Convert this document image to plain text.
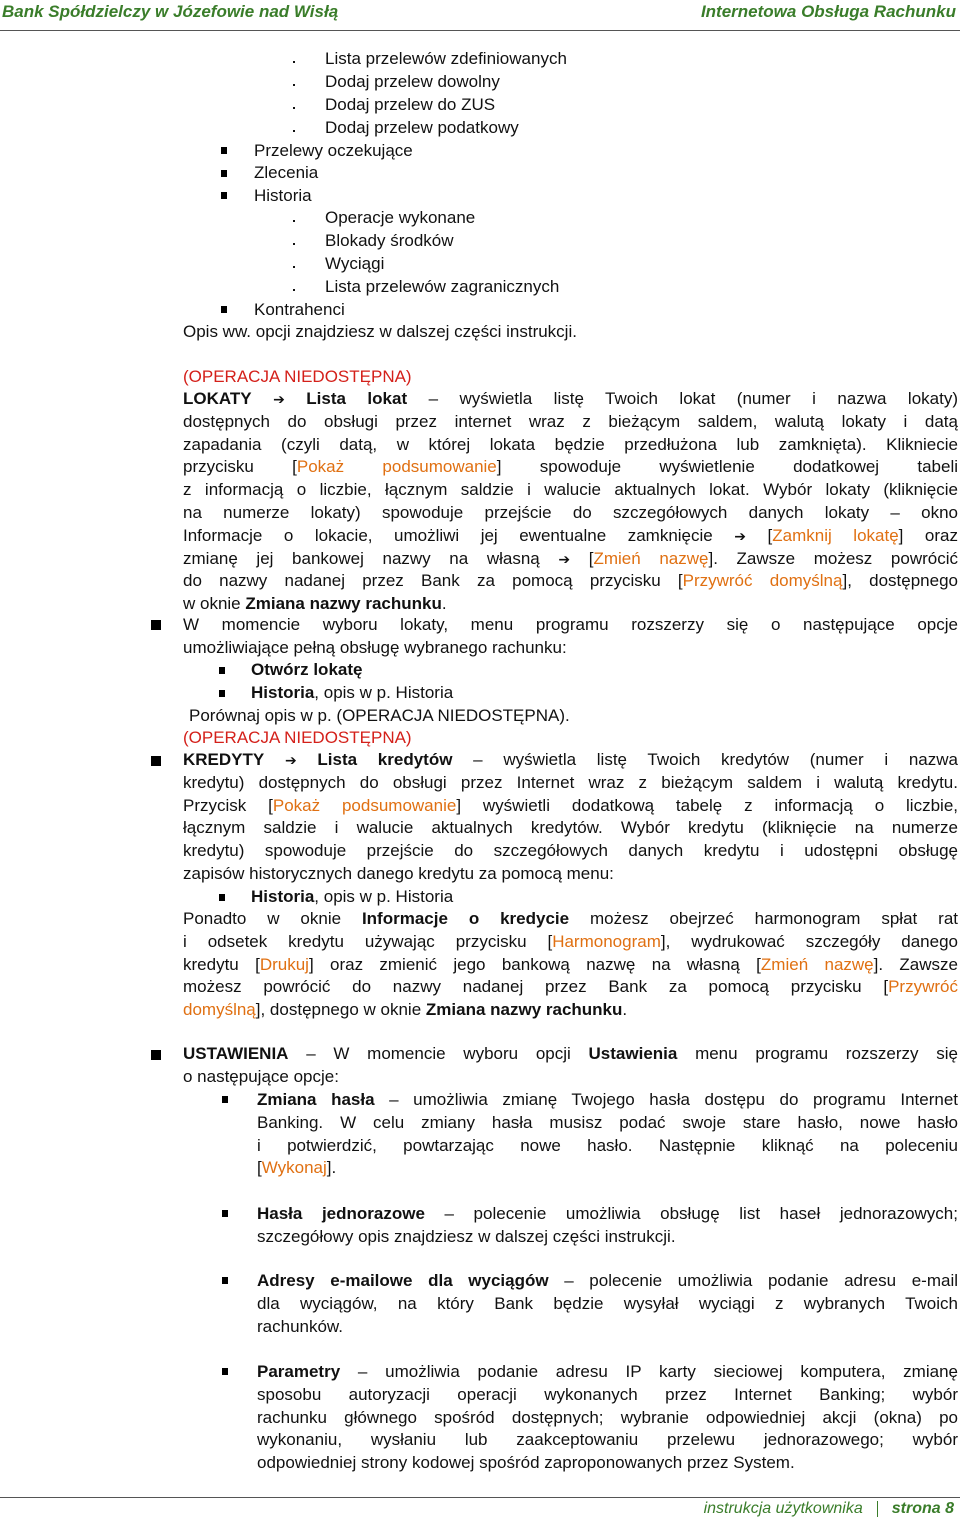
Bank Spółdzielczy w Józefowie nad Wisłą	Internetowa Obsługa Rachunku
Lista przelewów zdefiniowanych
Dodaj przelew dowolny
Dodaj przelew do ZUS
Dodaj przelew podatkowy
Przelewy oczekujące
Zlecenia
Historia
Operacje wykonane
Blokady środków
Wyciągi
Lista przelewów zagranicznych
Kontrahenci
Opis ww. opcji znajdziesz w dalszej części instrukcji.
(OPERACJA NIEDOSTĘPNA)
LOKATY ➔ Lista lokat – wyświetla listę Twoich lokat (numer i nazwa lokaty)
dostępnych do obsługi przez internet wraz z bieżącym saldem, walutą lokaty i datą
zapadania (czyli datą, w której lokata będzie przedłużona lub zamknięta). Klikniecie
przycisku [Pokaż podsumowanie] spowoduje wyświetlenie dodatkowej tabeli
z informacją o liczbie, łącznym saldzie i walucie aktualnych lokat. Wybór lokaty (kliknięcie
na numerze lokaty) spowoduje przejście do szczegółowych danych lokaty – okno
Informacje o lokacie, umożliwi jej ewentualne zamknięcie ➔ [Zamknij lokatę] oraz
zmianę jej bankowej nazwy na własną ➔ [Zmień nazwę]. Zawsze możesz powrócić
do nazwy nadanej przez Bank za pomocą przycisku [Przywróć domyślną], dostępnego
w oknie Zmiana nazwy rachunku.
W momencie wyboru lokaty, menu programu rozszerzy się o następujące opcje
umożliwiające pełną obsługę wybranego rachunku:
Otwórz lokatę
Historia, opis w p. Historia
Porównaj opis w p. (OPERACJA NIEDOSTĘPNA).
(OPERACJA NIEDOSTĘPNA)
KREDYTY ➔ Lista kredytów – wyświetla listę Twoich kredytów (numer i nazwa
kredytu) dostępnych do obsługi przez Internet wraz z bieżącym saldem i walutą kredytu.
Przycisk [Pokaż podsumowanie] wyświetli dodatkową tabelę z informacją o liczbie,
łącznym saldzie i walucie aktualnych kredytów. Wybór kredytu (kliknięcie na numerze
kredytu) spowoduje przejście do szczegółowych danych kredytu i udostępni obsługę
zapisów historycznych danego kredytu za pomocą menu:
Historia, opis w p. Historia
Ponadto w oknie Informacje o kredycie możesz obejrzeć harmonogram spłat rat
i odsetek kredytu używając przycisku [Harmonogram], wydrukować szczegóły danego
kredytu [Drukuj] oraz zmienić jego bankową nazwę na własną [Zmień nazwę]. Zawsze
możesz powrócić do nazwy nadanej przez Bank za pomocą przycisku [Przywróć
domyślną], dostępnego w oknie Zmiana nazwy rachunku.
USTAWIENIA – W momencie wyboru opcji Ustawienia menu programu rozszerzy się
o następujące opcje:
Zmiana hasła – umożliwia zmianę Twojego hasła dostępu do programu Internet
Banking. W celu zmiany hasła musisz podać swoje stare hasło, nowe hasło
i potwierdzić, powtarzając nowe hasło. Następnie kliknąć na poleceniu
[Wykonaj].
Hasła jednorazowe – polecenie umożliwia obsługę list haseł jednorazowych;
szczegółowy opis znajdziesz w dalszej części instrukcji.
Adresy e-mailowe dla wyciągów – polecenie umożliwia podanie adresu e-mail
dla wyciągów, na który Bank będzie wysyłał wyciągi z wybranych Twoich
rachunków.
Parametry – umożliwia podanie adresu IP karty sieciowej komputera, zmianę
sposobu autoryzacji operacji wykonanych przez Internet Banking; wybór
rachunku głównego spośród dostępnych; wybranie odpowiedniej akcji (okna) po
wykonaniu, wysłaniu lub zaakceptowaniu przelewu jednorazowego; wybór
odpowiedniej strony kodowej spośród zaproponowanych przez System.
instrukcja użytkownika strona 8
